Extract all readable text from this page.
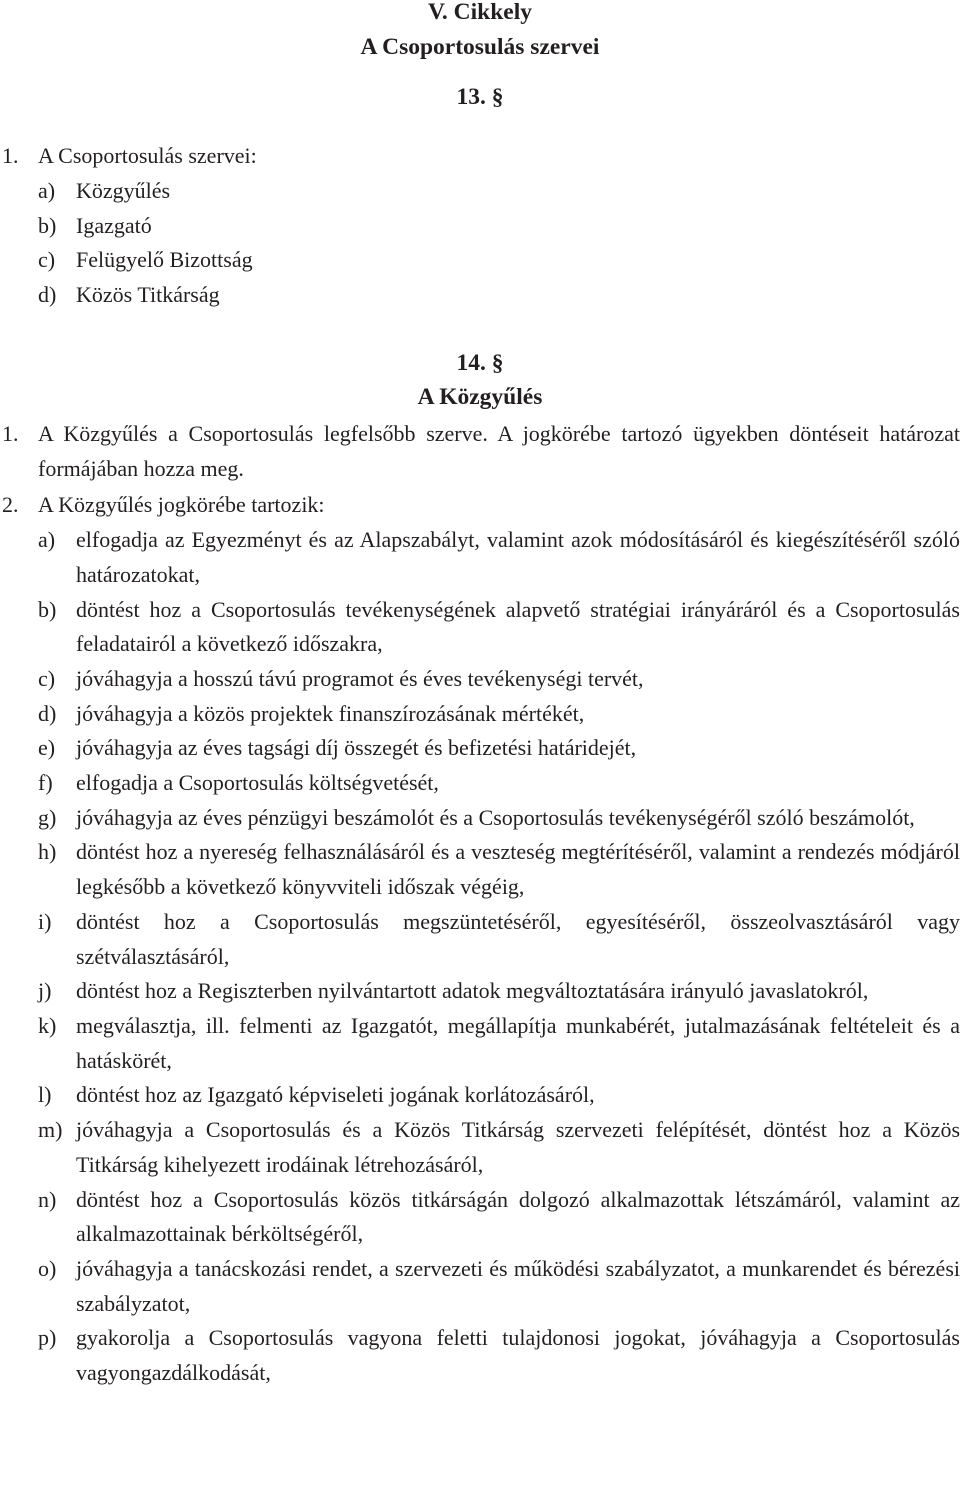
V. Cikkely

A Csoportosulás szervei

13. §

1. A Csoportosulás szervei:
a) Közgyűlés
b) Igazgató
c) Felügyelő Bizottság
d) Közös Titkárság

14. §

A Közgyűlés

1. A Közgyűlés a Csoportosulás legfelsőbb szerve. A jogkörébe tartozó ügyekben döntéseit határozat formájában hozza meg.
2. A Közgyűlés jogkörébe tartozik:
a) elfogadja az Egyezményt és az Alapszabályt, valamint azok módosításáról és kiegészítéséről szóló határozatokat,
b) döntést hoz a Csoportosulás tevékenységének alapvető stratégiai irányáráról és a Csoportosulás feladatairól a következő időszakra,
c) jóváhagyja a hosszú távú programot és éves tevékenységi tervét,
d) jóváhagyja a közös projektek finanszírozásának mértékét,
e) jóváhagyja az éves tagsági díj összegét és befizetési határidejét,
f)	elfogadja a Csoportosulás költségvetését,
g) jóváhagyja az éves pénzügyi beszámolót és a Csoportosulás tevékenységéről szóló beszámolót,
h) döntést hoz a nyereség felhasználásáról és a veszteség megtérítéséről, valamint a rendezés módjáról legkésőbb a következő könyvviteli időszak végéig,
i)	döntést hoz a Csoportosulás megszüntetéséről, egyesítéséről, összeolvasztásáról vagy szétválasztásáról,
j)	döntést hoz a Regiszterben nyilvántartott adatok megváltoztatására irányuló javaslatokról,
k) megválasztja, ill. felmenti az Igazgatót, megállapítja munkabérét, jutalmazásának feltételeit és a hatáskörét,
l)	döntést hoz az Igazgató képviseleti jogának korlátozásáról,
m) jóváhagyja a Csoportosulás és a Közös Titkárság szervezeti felépítését, döntést hoz a Közös Titkárság kihelyezett irodáinak létrehozásáról,
n) döntést hoz a Csoportosulás közös titkárságán dolgozó alkalmazottak létszámáról, valamint az alkalmazottainak bérköltségéről,
o) jóváhagyja a tanácskozási rendet, a szervezeti és működési szabályzatot, a munkarendet és bérezési szabályzatot,
p) gyakorolja a Csoportosulás vagyona feletti tulajdonosi jogokat, jóváhagyja a Csoportosulás vagyongazdálkodását,
